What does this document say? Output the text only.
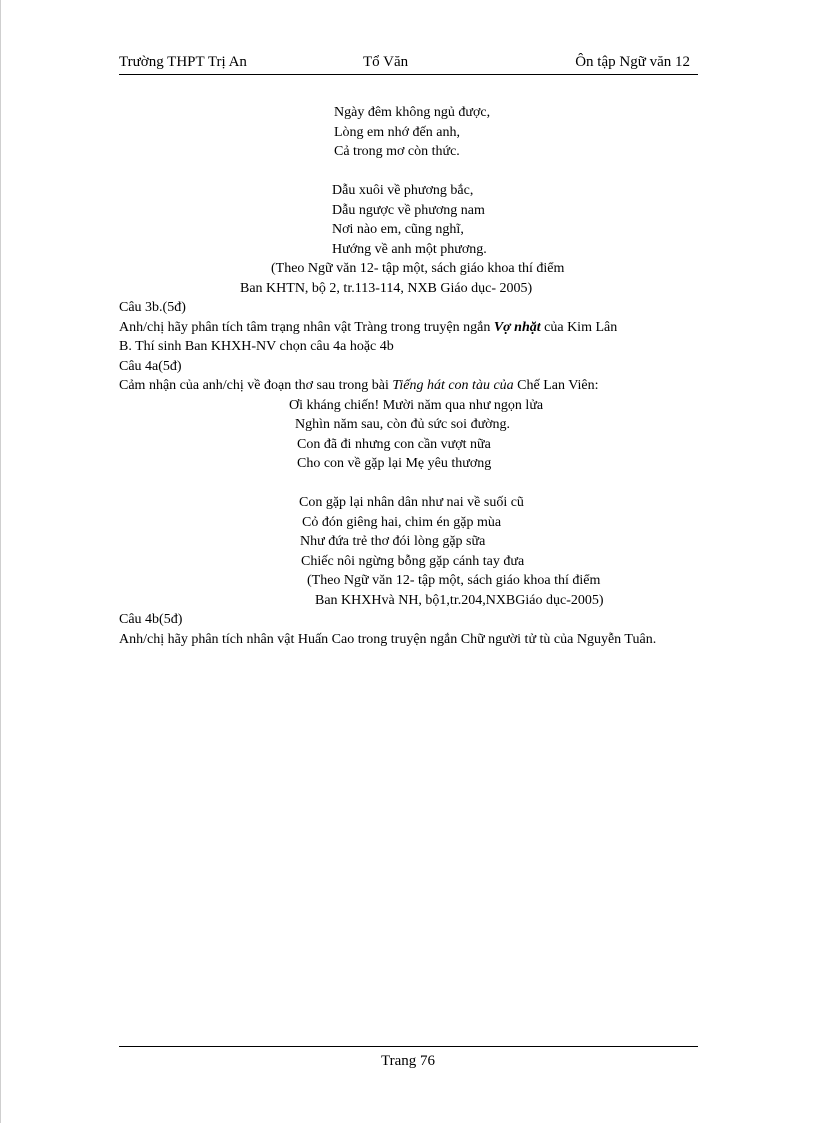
Trường THPT Trị An	Tổ Văn	Ôn tập Ngữ văn 12
Ngày đêm không ngủ được,
Lòng em nhớ đến anh,
Cả trong mơ còn thức.
Dẫu xuôi về phương bắc,
Dẫu ngược về phương nam
Nơi nào em, cũng nghĩ,
Hướng về anh một phương.
(Theo Ngữ văn 12- tập một, sách giáo khoa thí điểm
Ban KHTN, bộ 2, tr.113-114, NXB Giáo dục- 2005)
Câu 3b.(5đ)
Anh/chị hãy phân tích tâm trạng nhân vật Tràng trong truyện ngắn Vợ nhặt của Kim Lân
B. Thí sinh Ban KHXH-NV chọn câu 4a hoặc 4b
Câu 4a(5đ)
Cảm nhận của anh/chị về đoạn thơ sau trong bài Tiếng hát con tàu của Chế Lan Viên:
Ơi kháng chiến! Mười năm qua như ngọn lửa
Nghìn năm sau, còn đủ sức soi đường.
Con đã đi nhưng con cần vượt nữa
Cho con về gặp lại Mẹ yêu thương
Con gặp lại nhân dân như nai về suối cũ
Cỏ đón giêng hai, chim én gặp mùa
Như đứa trẻ thơ đói lòng gặp sữa
Chiếc nôi ngừng bỗng gặp cánh tay đưa
(Theo Ngữ văn 12- tập một, sách giáo khoa thí điểm
Ban KHXHvà NH, bộ1,tr.204,NXBGiáo dục-2005)
Câu 4b(5đ)
Anh/chị hãy phân tích nhân vật Huấn Cao trong truyện ngắn Chữ người tử tù của Nguyễn Tuân.
Trang 76
